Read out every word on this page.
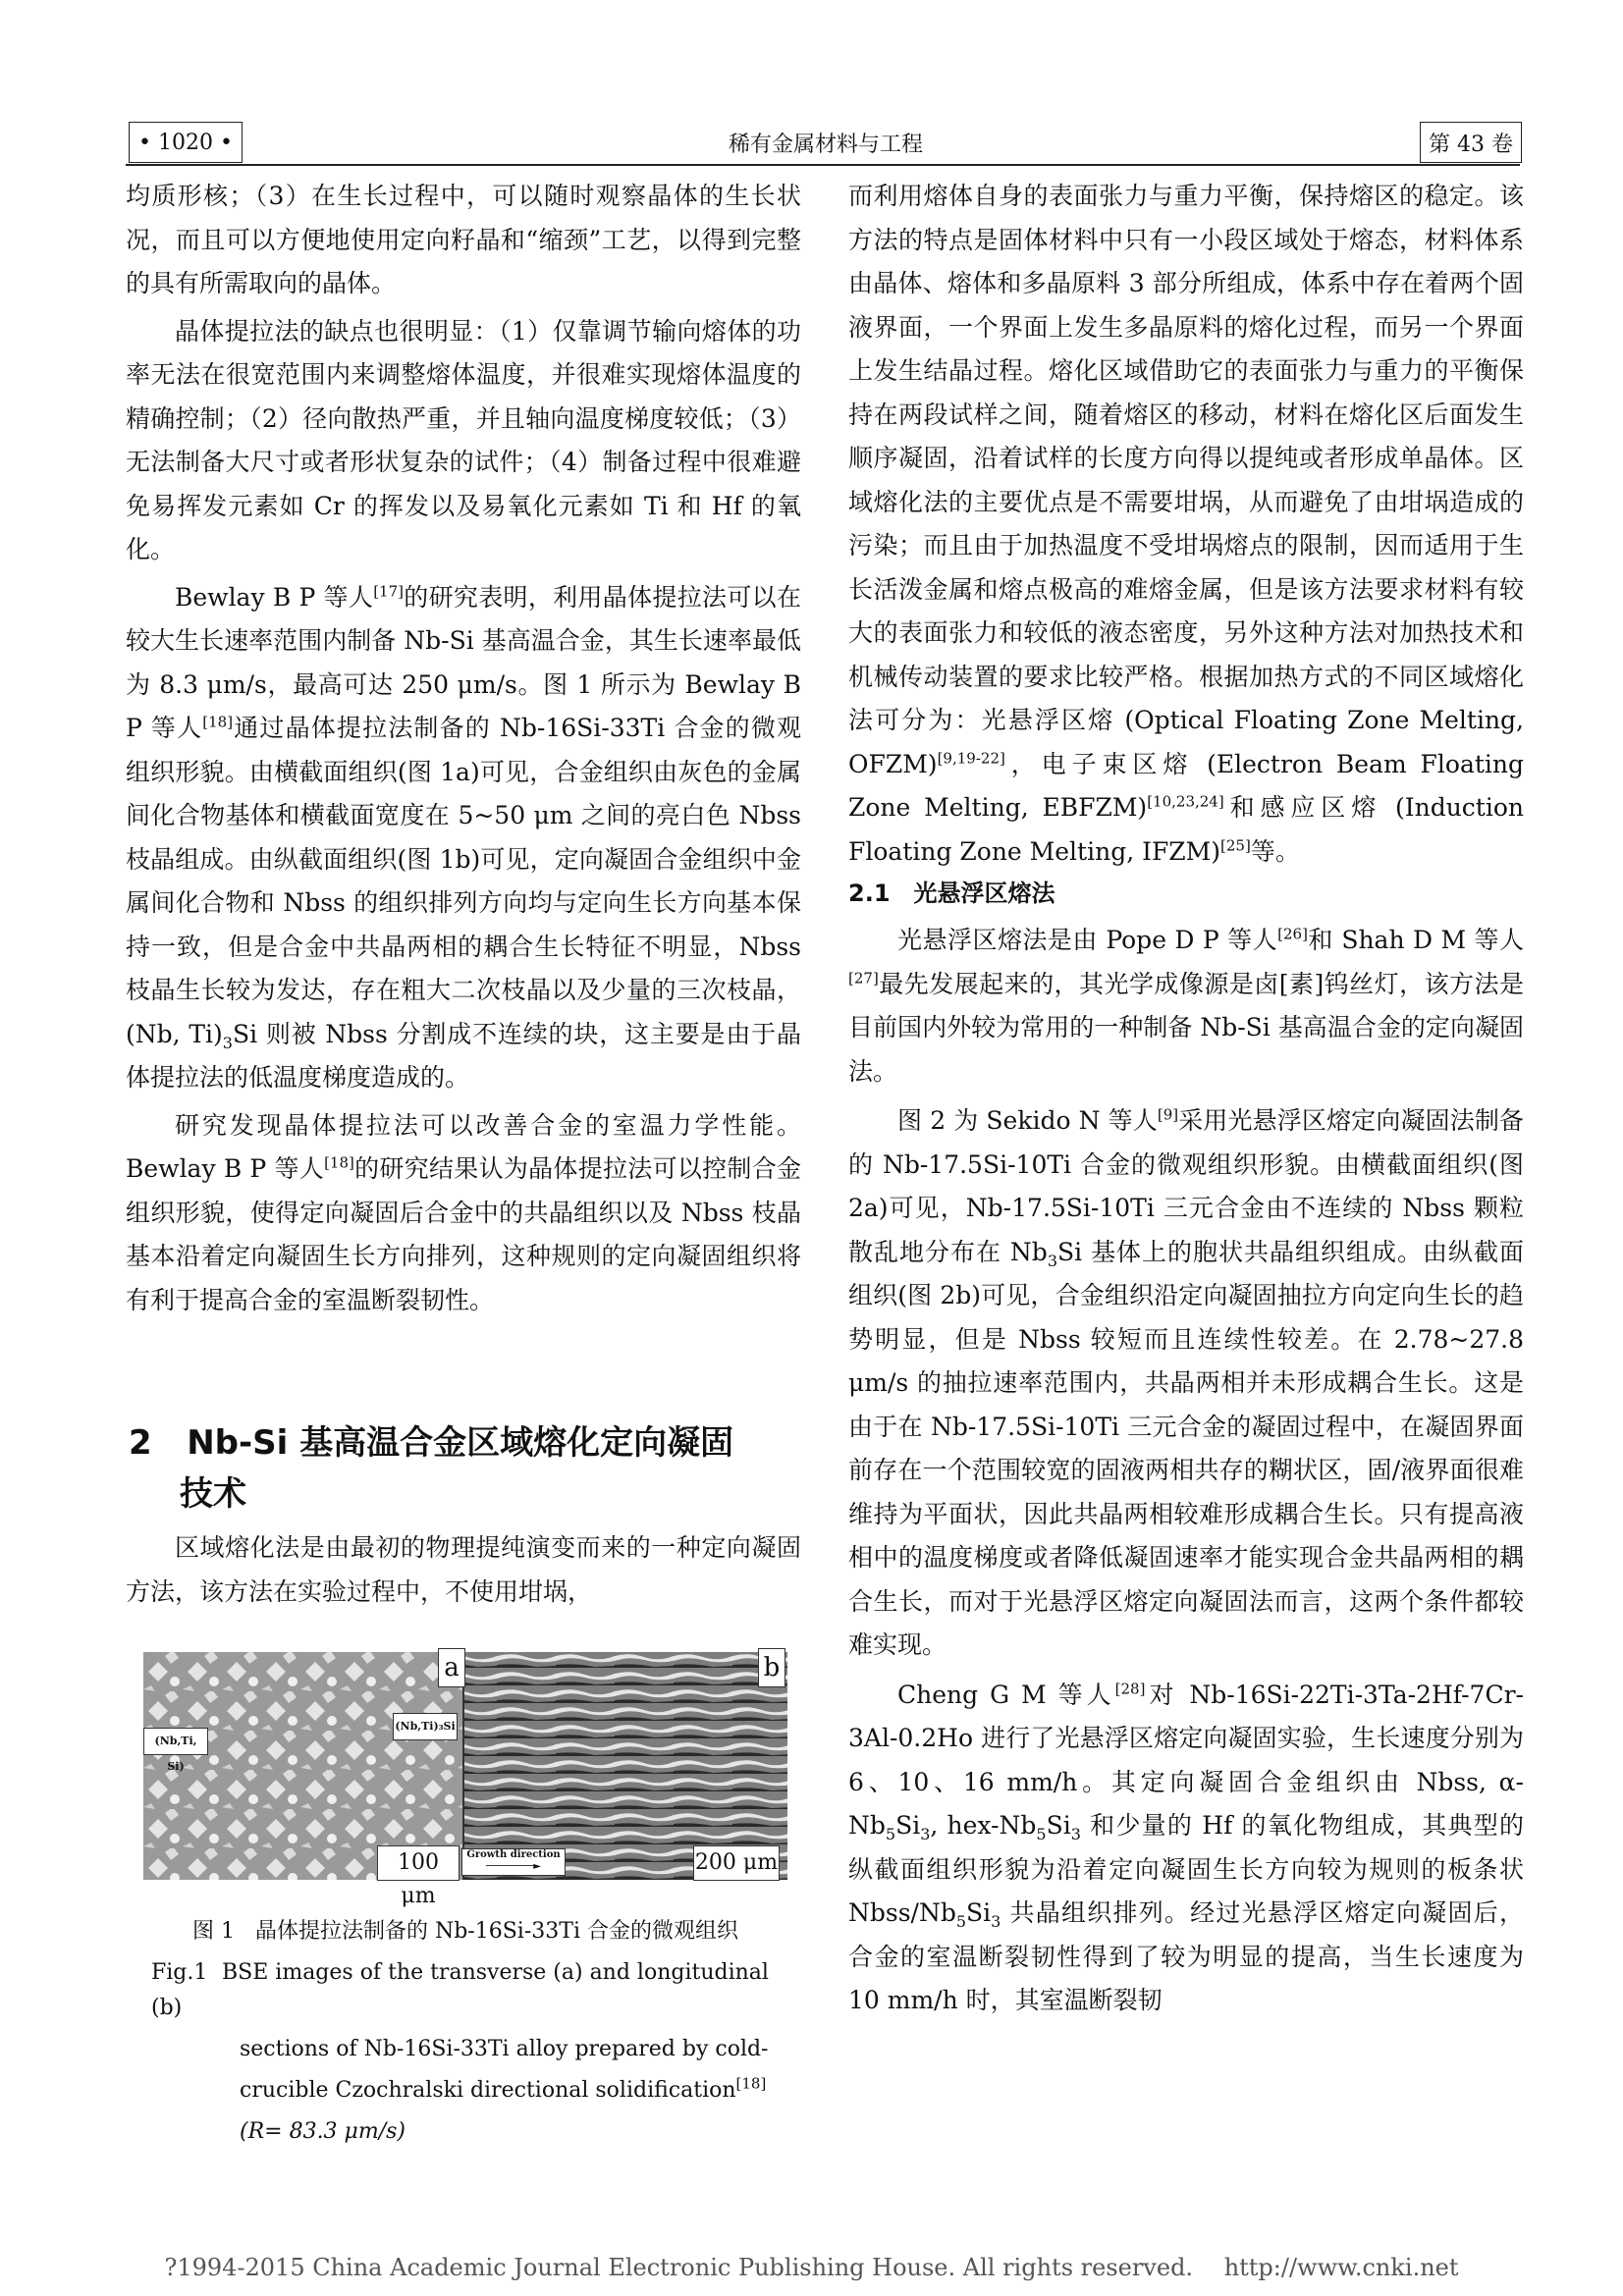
• 1020 •	稀有金属材料与工程	第 43 卷

均质形核；（3）在生长过程中，可以随时观察晶体的生长状况，而且可以方便地使用定向籽晶和“缩颈”工艺，以得到完整的具有所需取向的晶体。

晶体提拉法的缺点也很明显：（1）仅靠调节输向熔体的功率无法在很宽范围内来调整熔体温度，并很难实现熔体温度的精确控制；（2）径向散热严重，并且轴向温度梯度较低；（3）无法制备大尺寸或者形状复杂的试件；（4）制备过程中很难避免易挥发元素如 Cr 的挥发以及易氧化元素如 Ti 和 Hf 的氧化。

Bewlay B P 等人[17]的研究表明，利用晶体提拉法可以在较大生长速率范围内制备 Nb-Si 基高温合金，其生长速率最低为 8.3 μm/s，最高可达 250 μm/s。图 1 所示为 Bewlay B P 等人[18]通过晶体提拉法制备的 Nb-16Si-33Ti 合金的微观组织形貌。由横截面组织(图 1a)可见，合金组织由灰色的金属间化合物基体和横截面宽度在 5~50 μm 之间的亮白色 Nbss 枝晶组成。由纵截面组织(图 1b)可见，定向凝固合金组织中金属间化合物和 Nbss 的组织排列方向均与定向生长方向基本保持一致，但是合金中共晶两相的耦合生长特征不明显，Nbss 枝晶生长较为发达，存在粗大二次枝晶以及少量的三次枝晶，(Nb, $Ti)_3Si$ 则被 Nbss 分割成不连续的块，这主要是由于晶体提拉法的低温度梯度造成的。

研究发现晶体提拉法可以改善合金的室温力学性能。Bewlay B P 等人[18]的研究结果认为晶体提拉法可以控制合金组织形貌，使得定向凝固后合金中的共晶组织以及 Nbss 枝晶基本沿着定向凝固生长方向排列，这种规则的定向凝固组织将有利于提高合金的室温断裂韧性。

2 Nb-Si 基高温合金区域熔化定向凝固
技术

区域熔化法是由最初的物理提纯演变而来的一种定向凝固方法，该方法在实验过程中，不使用坩埚，

a	b
(Nb,Ti, Si)
(Nb,Ti)₃Si
100 μm
Growth direction
────────►	200 μm
图 1 晶体提拉法制备的 Nb-16Si-33Ti 合金的微观组织
Fig.1 BSE images of the transverse (a) and longitudinal (b)
sections of Nb-16Si-33Ti alloy prepared by cold-
crucible Czochralski directional solidification[18]
(R= 83.3 μm/s)

而利用熔体自身的表面张力与重力平衡，保持熔区的稳定。该方法的特点是固体材料中只有一小段区域处于熔态，材料体系由晶体、熔体和多晶原料 3 部分所组成，体系中存在着两个固液界面，一个界面上发生多晶原料的熔化过程，而另一个界面上发生结晶过程。熔化区域借助它的表面张力与重力的平衡保持在两段试样之间，随着熔区的移动，材料在熔化区后面发生顺序凝固，沿着试样的长度方向得以提纯或者形成单晶体。区域熔化法的主要优点是不需要坩埚，从而避免了由坩埚造成的污染；而且由于加热温度不受坩埚熔点的限制，因而适用于生长活泼金属和熔点极高的难熔金属，但是该方法要求材料有较大的表面张力和较低的液态密度，另外这种方法对加热技术和机械传动装置的要求比较严格。根据加热方式的不同区域熔化法可分为：光悬浮区熔 (Optical Floating Zone Melting, OFZM)[9,19-22]，电子束区熔 (Electron Beam Floating Zone Melting, EBFZM)[10,23,24]和感应区熔 (Induction Floating Zone Melting, IFZM)[25]等。

2.1　光悬浮区熔法

光悬浮区熔法是由 Pope D P 等人[26]和 Shah D M 等人[27]最先发展起来的，其光学成像源是卤[素]钨丝灯，该方法是目前国内外较为常用的一种制备 Nb-Si 基高温合金的定向凝固法。

图 2 为 Sekido N 等人[9]采用光悬浮区熔定向凝固法制备的 Nb-17.5Si-10Ti 合金的微观组织形貌。由横截面组织(图 2a)可见，Nb-17.5Si-10Ti 三元合金由不连续的 Nbss 颗粒散乱地分布在 $Nb_3Si$ 基体上的胞状共晶组织组成。由纵截面组织(图 2b)可见，合金组织沿定向凝固抽拉方向定向生长的趋势明显，但是 Nbss 较短而且连续性较差。在 2.78~27.8 μm/s 的抽拉速率范围内，共晶两相并未形成耦合生长。这是由于在 Nb-17.5Si-10Ti 三元合金的凝固过程中，在凝固界面前存在一个范围较宽的固液两相共存的糊状区，固/液界面很难维持为平面状，因此共晶两相较难形成耦合生长。只有提高液相中的温度梯度或者降低凝固速率才能实现合金共晶两相的耦合生长，而对于光悬浮区熔定向凝固法而言，这两个条件都较难实现。

Cheng G M 等人[28]对 Nb-16Si-22Ti-3Ta-2Hf-7Cr-3Al-0.2Ho 进行了光悬浮区熔定向凝固实验，生长速度分别为 6、10、16 mm/h。其定向凝固合金组织由 Nbss, $\alpha-Nb_5Si_3$, hex-$Nb_5Si_3$ 和少量的 Hf 的氧化物组成，其典型的纵截面组织形貌为沿着定向凝固生长方向较为规则的板条状 Nbss/$Nb_5Si_3$ 共晶组织排列。经过光悬浮区熔定向凝固后，合金的室温断裂韧性得到了较为明显的提高，当生长速度为 10 mm/h 时，其室温断裂韧

?1994-2015 China Academic Journal Electronic Publishing House. All rights reserved.　 http://www.cnki.net
